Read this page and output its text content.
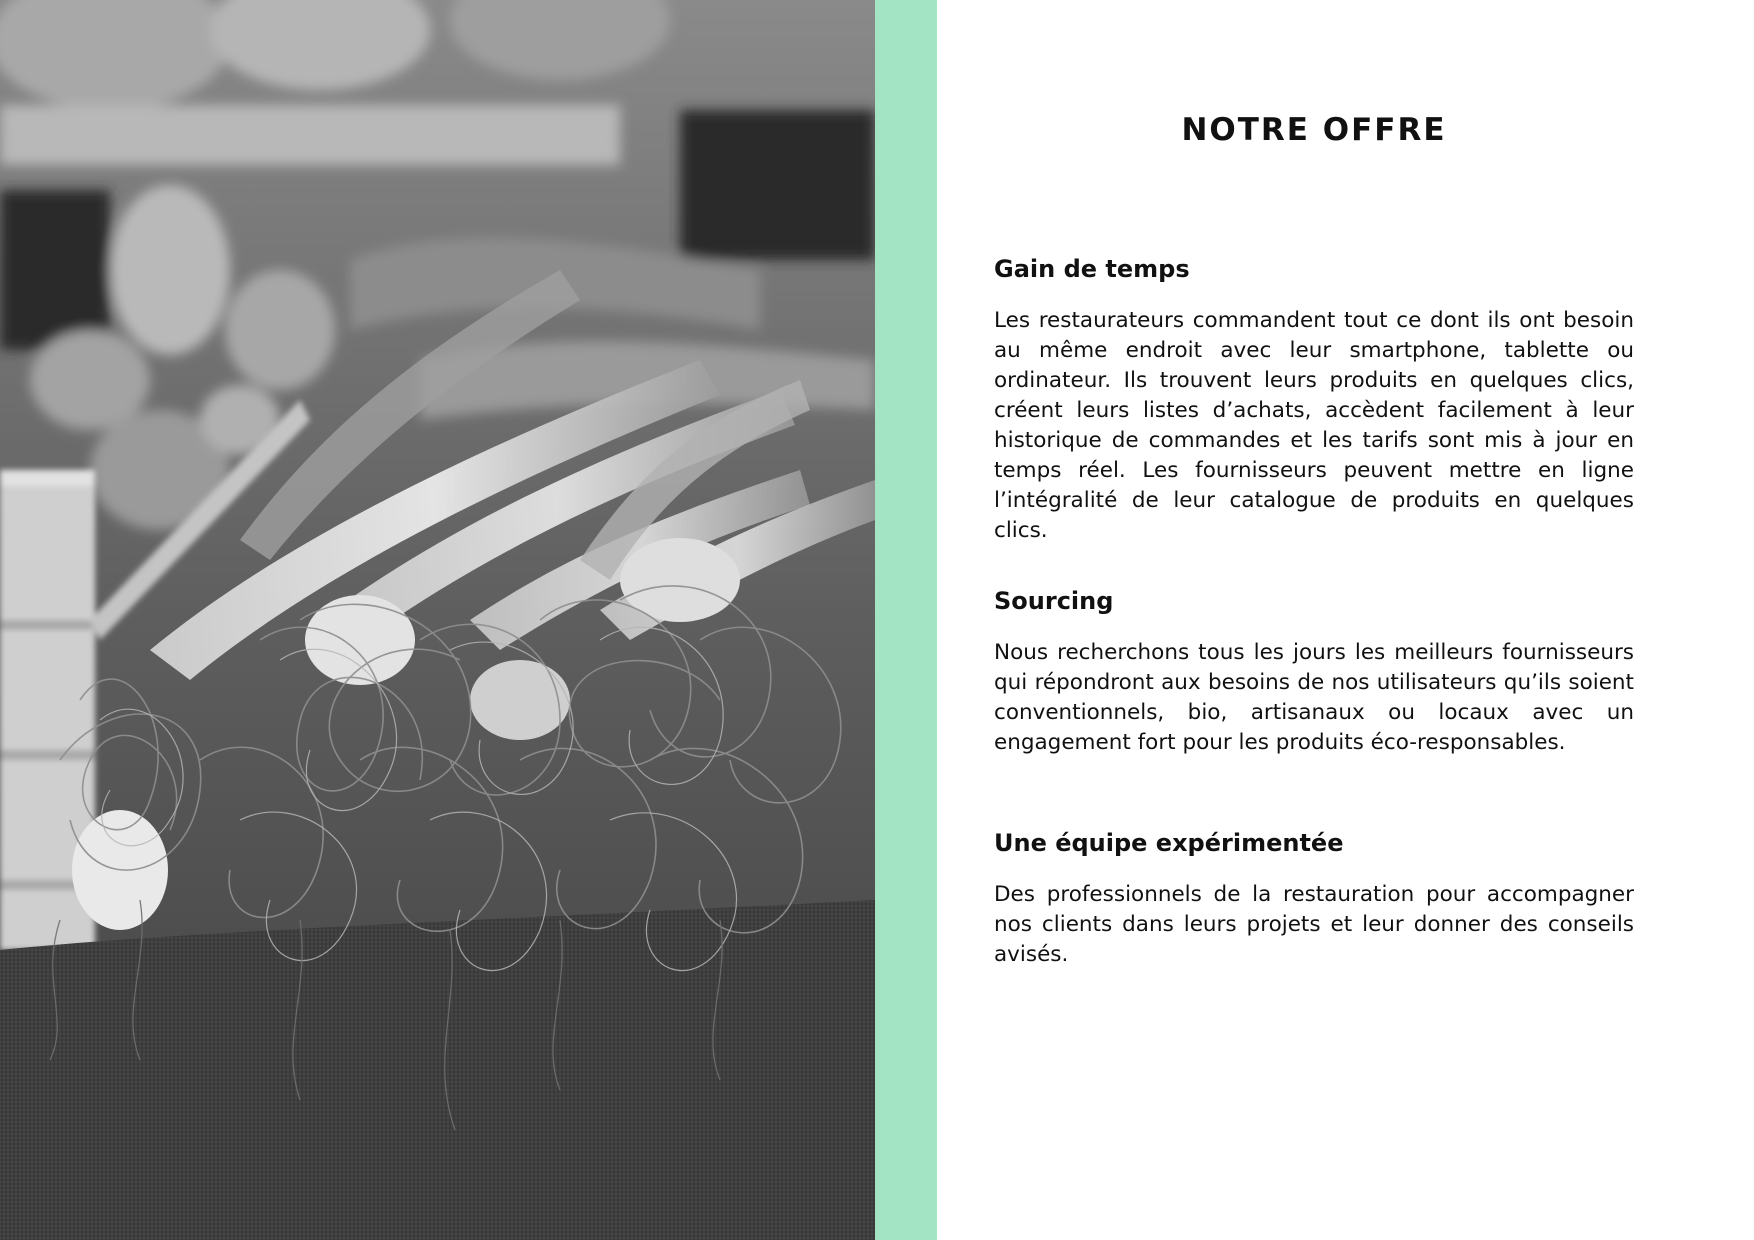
NOTRE OFFRE
Gain de temps

Les restaurateurs commandent tout ce dont ils ont besoin au même endroit avec leur smartphone, tablette ou ordinateur. Ils trouvent leurs produits en quelques clics, créent leurs listes d’achats, accèdent facilement à leur historique de commandes et les tarifs sont mis à jour en temps réel. Les fournisseurs peuvent mettre en ligne l’intégralité de leur catalogue de produits en quelques clics.

Sourcing

Nous recherchons tous les jours les meilleurs fournisseurs qui répondront aux besoins de nos utilisateurs qu’ils soient conventionnels, bio, artisanaux ou locaux avec un engagement fort pour les produits éco-responsables.

Une équipe expérimentée

Des professionnels de la restauration pour accompagner nos clients dans leurs projets et leur donner des conseils avisés.
